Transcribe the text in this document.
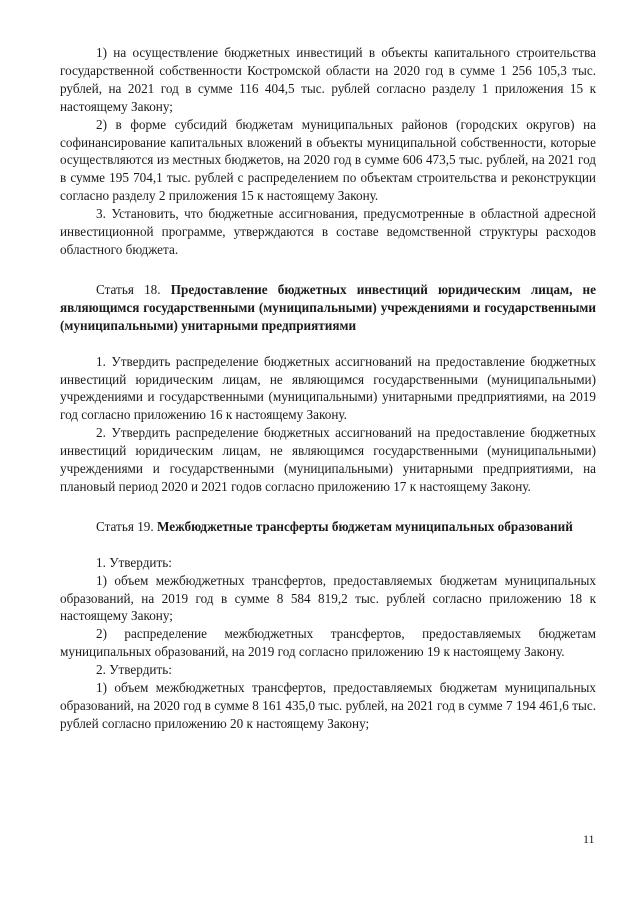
1) на осуществление бюджетных инвестиций в объекты капитального строительства государственной собственности Костромской области на 2020 год в сумме 1 256 105,3 тыс. рублей, на 2021 год в сумме 116 404,5 тыс. рублей согласно разделу 1 приложения 15 к настоящему Закону;

2) в форме субсидий бюджетам муниципальных районов (городских округов) на софинансирование капитальных вложений в объекты муниципальной собственности, которые осуществляются из местных бюджетов, на 2020 год в сумме 606 473,5 тыс. рублей, на 2021 год в сумме 195 704,1 тыс. рублей с распределением по объектам строительства и реконструкции согласно разделу 2 приложения 15 к настоящему Закону.

3. Установить, что бюджетные ассигнования, предусмотренные в областной адресной инвестиционной программе, утверждаются в составе ведомственной структуры расходов областного бюджета.

Статья 18. Предоставление бюджетных инвестиций юридическим лицам, не являющимся государственными (муниципальными) учреждениями и государственными (муниципальными) унитарными предприятиями

1. Утвердить распределение бюджетных ассигнований на предоставление бюджетных инвестиций юридическим лицам, не являющимся государственными (муниципальными) учреждениями и государственными (муниципальными) унитарными предприятиями, на 2019 год согласно приложению 16 к настоящему Закону.

2. Утвердить распределение бюджетных ассигнований на предоставление бюджетных инвестиций юридическим лицам, не являющимся государственными (муниципальными) учреждениями и государственными (муниципальными) унитарными предприятиями, на плановый период 2020 и 2021 годов согласно приложению 17 к настоящему Закону.

Статья 19. Межбюджетные трансферты бюджетам муниципальных образований

1. Утвердить:

1) объем межбюджетных трансфертов, предоставляемых бюджетам муниципальных образований, на 2019 год в сумме 8 584 819,2 тыс. рублей согласно приложению 18 к настоящему Закону;

2) распределение межбюджетных трансфертов, предоставляемых бюджетам муниципальных образований, на 2019 год согласно приложению 19 к настоящему Закону.

2. Утвердить:

1) объем межбюджетных трансфертов, предоставляемых бюджетам муниципальных образований, на 2020 год в сумме 8 161 435,0 тыс. рублей, на 2021 год в сумме 7 194 461,6 тыс. рублей согласно приложению 20 к настоящему Закону;

11
